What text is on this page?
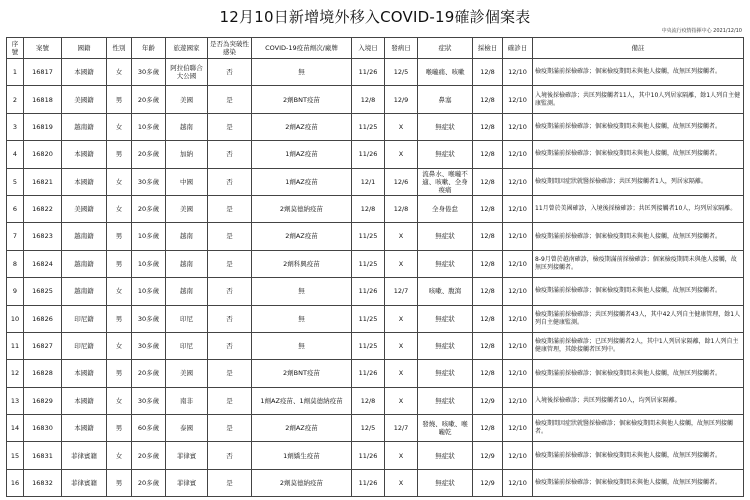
12月10日新增境外移入COVID-19確診個案表
中央流行疫情指揮中心 2021/12/10
序號	案號	國籍	性別	年齡	旅遊國家	是否為突破性感染	COVID-19疫苗劑次/廠牌	入境日	發病日	症狀	採檢日	確診日	備註
1	16817	本國籍	女	30多歲	阿拉伯聯合大公國	否	無	11/26	12/5	喉嚨痛、咳嗽	12/8	12/10	檢疫期滿前採檢確診；個案檢疫期間未與他人接觸，故無匡列接觸者。
2	16818	美國籍	男	20多歲	美國	是	2劑BNT疫苗	12/8	12/9	鼻塞	12/8	12/10	入境後採檢確診；共匡列接觸者11人，其中10人列居家隔離，餘1人列自主健康監測。
3	16819	越南籍	女	10多歲	越南	是	2劑AZ疫苗	11/25	X	無症狀	12/8	12/10	檢疫期滿前採檢確診；個案檢疫期間未與他人接觸，故無匡列接觸者。
4	16820	本國籍	男	20多歲	加納	否	1劑AZ疫苗	11/26	X	無症狀	12/8	12/10	檢疫期滿前採檢確診；個案檢疫期間未與他人接觸，故無匡列接觸者。
5	16821	本國籍	女	30多歲	中國	否	1劑AZ疫苗	12/1	12/6	流鼻水、喉嚨不適、咳嗽、全身痠痛	12/8	12/10	檢疫期間因症狀就醫採檢確診；共匡列接觸者1人，列居家隔離。
6	16822	美國籍	女	20多歲	美國	是	2劑莫德納疫苗	12/8	12/8	全身倦怠	12/8	12/10	11月曾於美國確診，入境後採檢確診；共匡列接觸者10人，均列居家隔離。
7	16823	越南籍	男	10多歲	越南	是	2劑AZ疫苗	11/25	X	無症狀	12/8	12/10	檢疫期滿前採檢確診；個案檢疫期間未與他人接觸，故無匡列接觸者。
8	16824	越南籍	男	10多歲	越南	是	2劑科興疫苗	11/25	X	無症狀	12/8	12/10	8-9月曾於越南確診，檢疫期滿前採檢確診；個案檢疫期間未與他人接觸，故無匡列接觸者。
9	16825	越南籍	女	10多歲	越南	否	無	11/26	12/7	咳嗽、腹瀉	12/8	12/10	檢疫期滿前採檢確診；個案檢疫期間未與他人接觸，故無匡列接觸者。
10	16826	印尼籍	男	30多歲	印尼	否	無	11/25	X	無症狀	12/8	12/10	檢疫期滿前採檢確診；共匡列接觸者43人，其中42人列自主健康管理，餘1人列自主健康監測。
11	16827	印尼籍	女	30多歲	印尼	否	無	11/25	X	無症狀	12/8	12/10	檢疫期滿前採檢確診；已匡列接觸者2人，其中1人列居家隔離，餘1人列自主健康管理，其餘接觸者匡列中。
12	16828	本國籍	男	20多歲	美國	是	2劑BNT疫苗	11/26	X	無症狀	12/8	12/10	檢疫期滿前採檢確診；個案檢疫期間未與他人接觸，故無匡列接觸者。
13	16829	本國籍	女	30多歲	南非	是	1劑AZ疫苗、1劑莫德納疫苗	12/8	X	無症狀	12/9	12/10	入境後採檢確診；共匡列接觸者10人，均列居家隔離。
14	16830	本國籍	男	60多歲	泰國	是	2劑AZ疫苗	12/5	12/7	發燒、咳嗽、喉嚨乾	12/8	12/10	檢疫期間因症狀就醫採檢確診；個案檢疫期間未與他人接觸，故無匡列接觸者。
15	16831	菲律賓籍	女	20多歲	菲律賓	否	1劑嬌生疫苗	11/26	X	無症狀	12/9	12/10	檢疫期滿前採檢確診；個案檢疫期間未與他人接觸，故無匡列接觸者。
16	16832	菲律賓籍	男	20多歲	菲律賓	是	2劑莫德納疫苗	11/26	X	無症狀	12/9	12/10	檢疫期滿前採檢確診；個案檢疫期間未與他人接觸，故無匡列接觸者。
